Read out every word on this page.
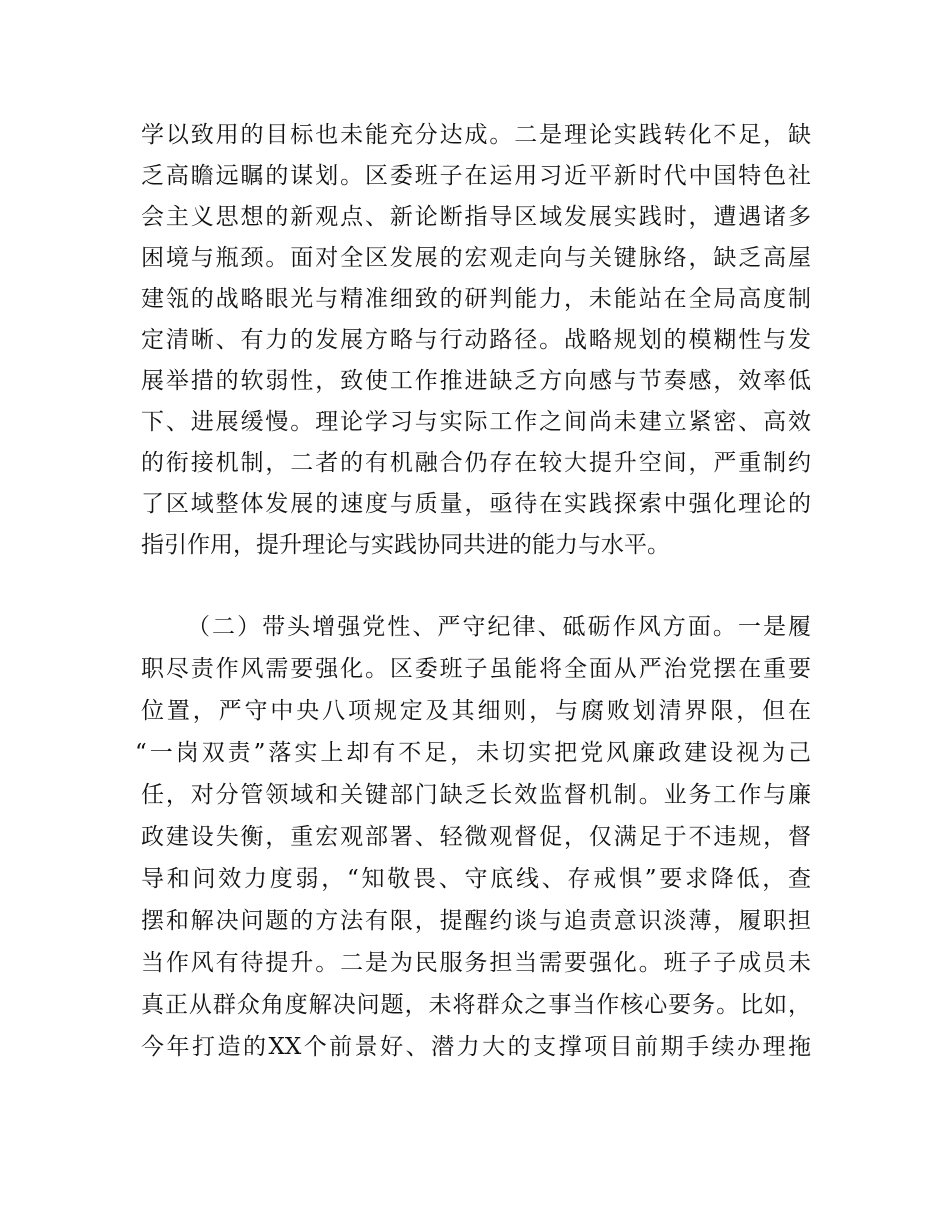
学以致用的目标也未能充分达成。二是理论实践转化不足，缺
乏高瞻远瞩的谋划。区委班子在运用习近平新时代中国特色社
会主义思想的新观点、新论断指导区域发展实践时，遭遇诸多
困境与瓶颈。面对全区发展的宏观走向与关键脉络，缺乏高屋
建瓴的战略眼光与精准细致的研判能力，未能站在全局高度制
定清晰、有力的发展方略与行动路径。战略规划的模糊性与发
展举措的软弱性，致使工作推进缺乏方向感与节奏感，效率低
下、进展缓慢。理论学习与实际工作之间尚未建立紧密、高效
的衔接机制，二者的有机融合仍存在较大提升空间，严重制约
了区域整体发展的速度与质量，亟待在实践探索中强化理论的
指引作用，提升理论与实践协同共进的能力与水平。
（二）带头增强党性、严守纪律、砥砺作风方面。一是履
职尽责作风需要强化。区委班子虽能将全面从严治党摆在重要
位置，严守中央八项规定及其细则，与腐败划清界限，但在
“一岗双责”落实上却有不足，未切实把党风廉政建设视为己
任，对分管领域和关键部门缺乏长效监督机制。业务工作与廉
政建设失衡，重宏观部署、轻微观督促，仅满足于不违规，督
导和问效力度弱，“知敬畏、守底线、存戒惧”要求降低，查
摆和解决问题的方法有限，提醒约谈与追责意识淡薄，履职担
当作风有待提升。二是为民服务担当需要强化。班子子成员未
真正从群众角度解决问题，未将群众之事当作核心要务。比如，
今年打造的XX个前景好、潜力大的支撑项目前期手续办理拖
